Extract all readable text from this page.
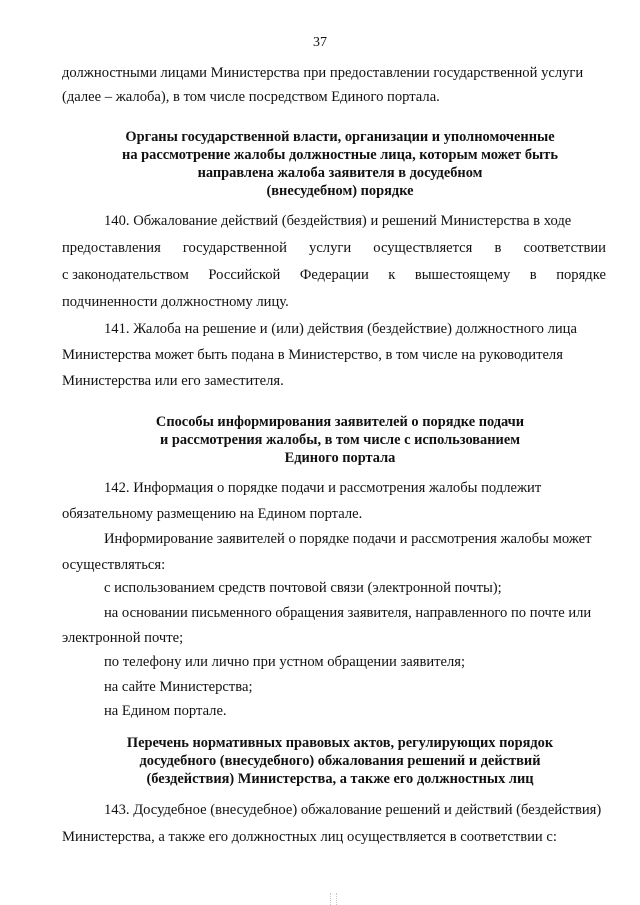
37
должностными лицами Министерства при предоставлении государственной услуги
(далее – жалоба), в том числе посредством Единого портала.
Органы государственной власти, организации и уполномоченные
на рассмотрение жалобы должностные лица, которым может быть
направлена жалоба заявителя в досудебном
(внесудебном) порядке
140. Обжалование действий (бездействия) и решений Министерства в ходе
предоставления государственной услуги осуществляется в соответствии
с законодательством Российской Федерации к вышестоящему в порядке
подчиненности должностному лицу.
141. Жалоба на решение и (или) действия (бездействие) должностного лица
Министерства может быть подана в Министерство, в том числе на руководителя
Министерства или его заместителя.
Способы информирования заявителей о порядке подачи
и рассмотрения жалобы, в том числе с использованием
Единого портала
142. Информация о порядке подачи и рассмотрения жалобы подлежит
обязательному размещению на Едином портале.
Информирование заявителей о порядке подачи и рассмотрения жалобы может
осуществляться:
с использованием средств почтовой связи (электронной почты);
на основании письменного обращения заявителя, направленного по почте или
электронной почте;
по телефону или лично при устном обращении заявителя;
на сайте Министерства;
на Едином портале.
Перечень нормативных правовых актов, регулирующих порядок
досудебного (внесудебного) обжалования решений и действий
(бездействия) Министерства, а также его должностных лиц
143. Досудебное (внесудебное) обжалование решений и действий (бездействия)
Министерства, а также его должностных лиц осуществляется в соответствии с:
